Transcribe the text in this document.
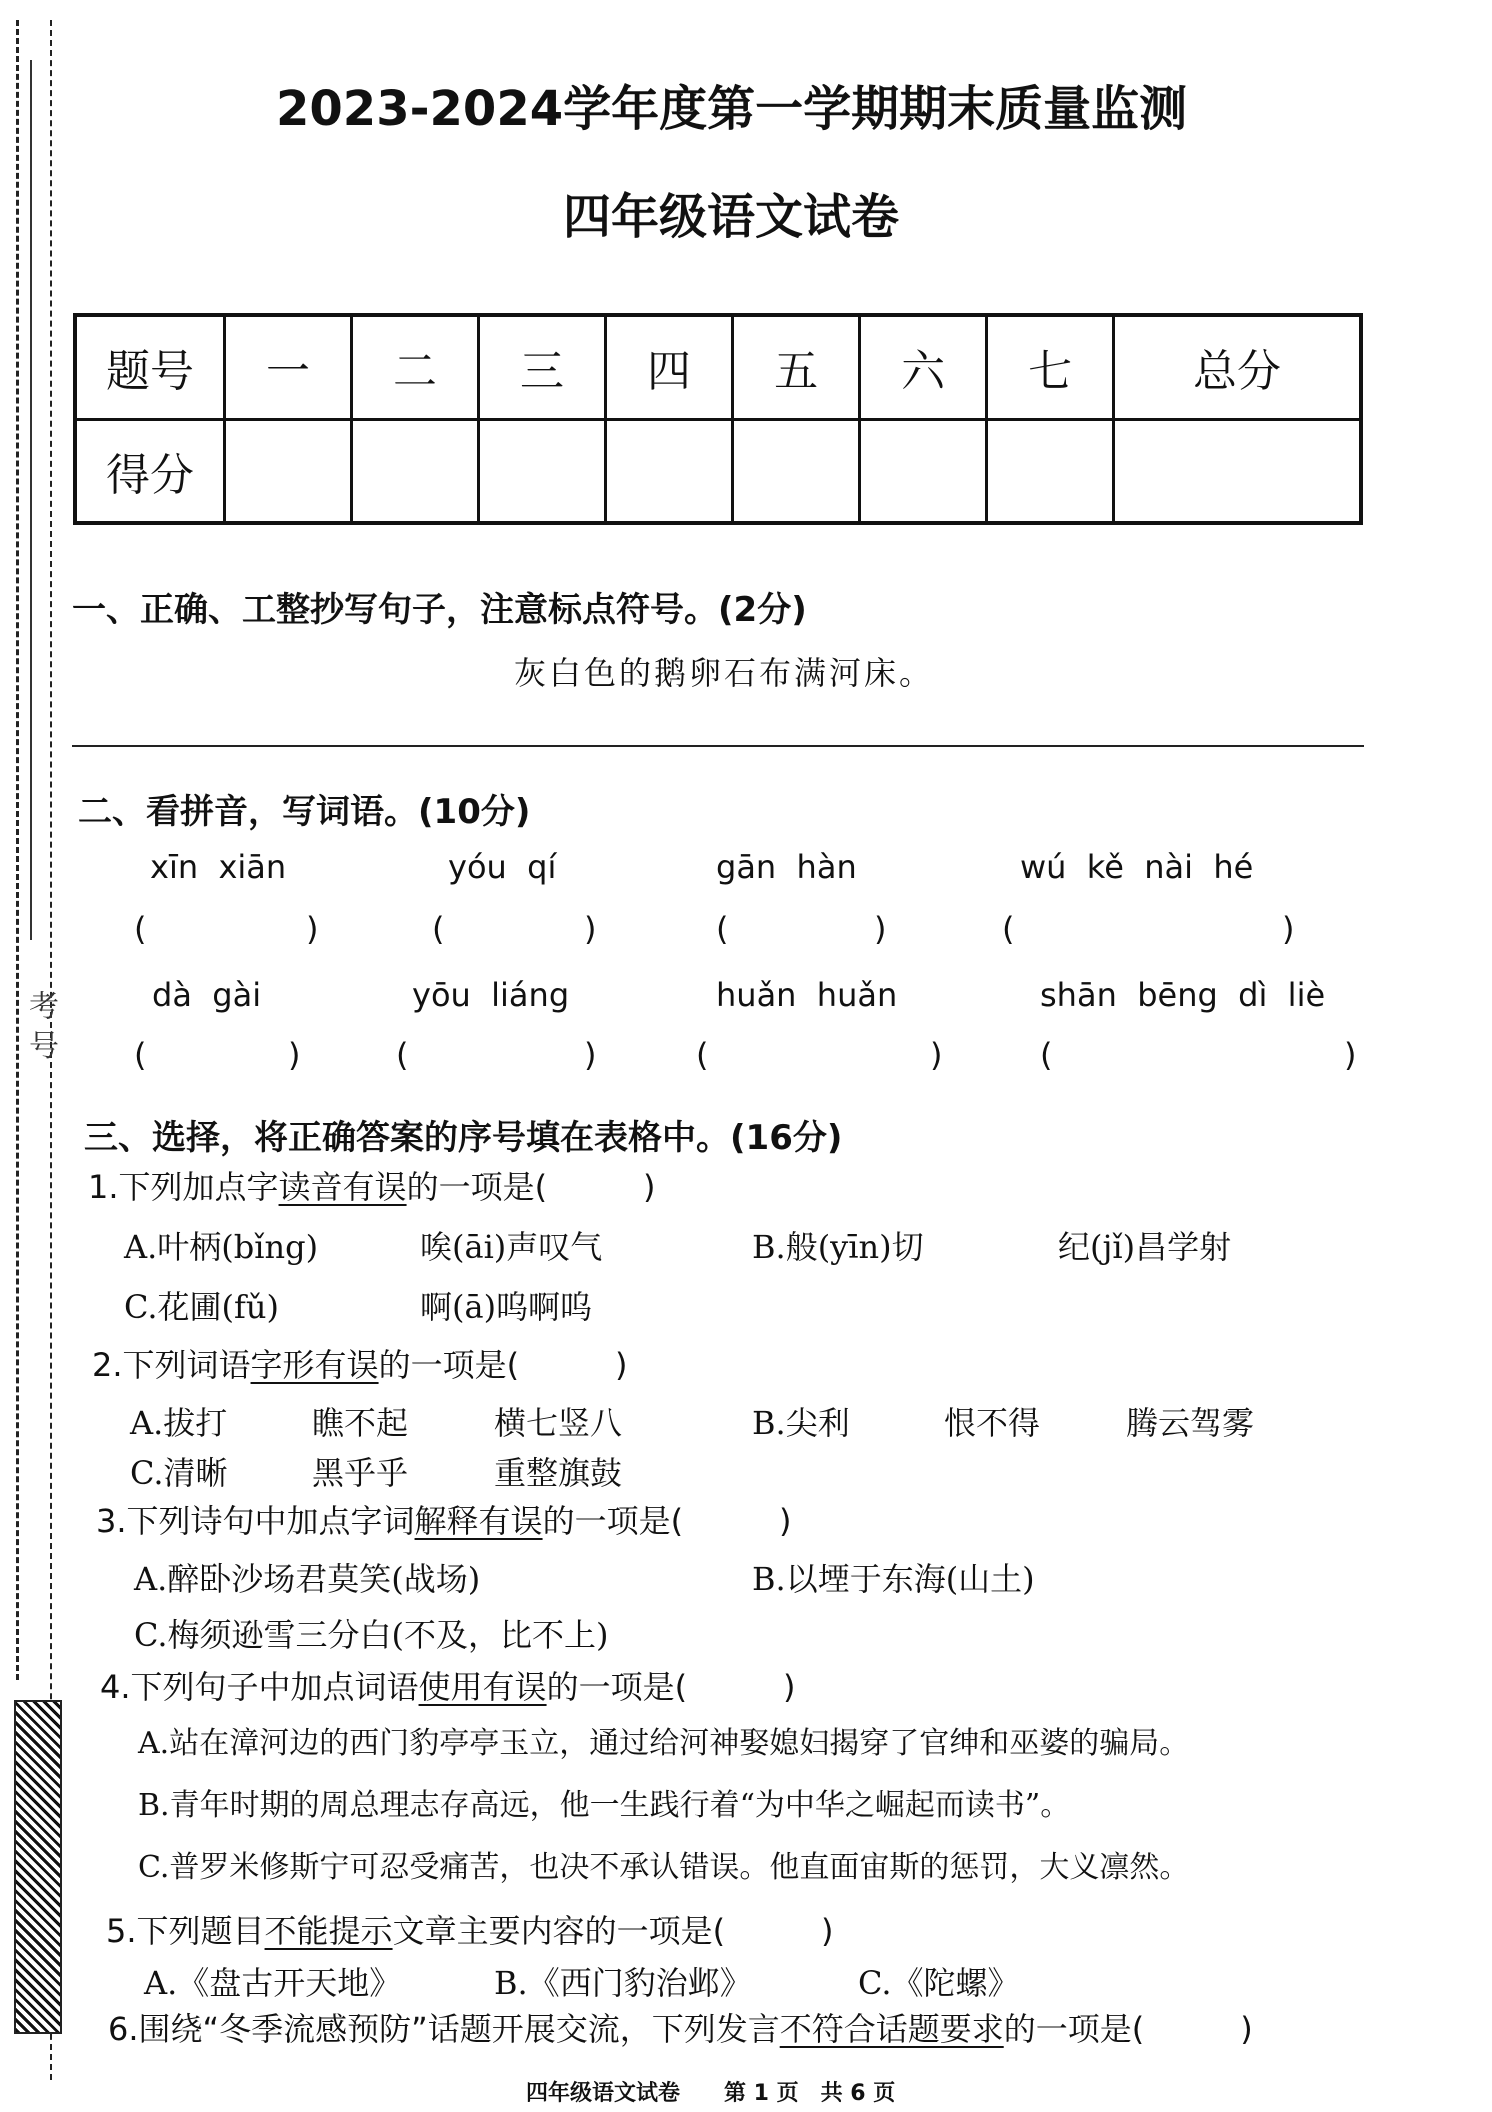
考 号
2023-2024学年度第一学期期末质量监测
四年级语文试卷
题号	一	二	三	四	五	六	七	总分
得分								
一、正确、工整抄写句子，注意标点符号。(2分)
灰白色的鹅卵石布满河床。
二、看拼音，写词语。(10分)
xīn  xiān	yóu  qí	gān  hàn	wú  kě  nài  hé
(	)	(	)	(	)	(	)
dà  gài	yōu  liáng	huǎn  huǎn	shān  bēng  dì  liè
(	)	(	)	(	)	(	)
三、选择，将正确答案的序号填在表格中。(16分)
1.下列加点字读音有误的一项是(　　　)
A.叶柄(bǐng)	唉(āi)声叹气	B.般(yīn)切	纪(jǐ)昌学射
C.花圃(fǔ)	啊(ā)呜啊呜
2.下列词语字形有误的一项是(　　　)
A.拔打	瞧不起	横七竖八	B.尖利	恨不得	腾云驾雾
C.清晰	黑乎乎	重整旗鼓
3.下列诗句中加点字词解释有误的一项是(　　　)
A.醉卧沙场君莫笑(战场)	B.以堙于东海(山土)
C.梅须逊雪三分白(不及，比不上)
4.下列句子中加点词语使用有误的一项是(　　　)
A.站在漳河边的西门豹亭亭玉立，通过给河神娶媳妇揭穿了官绅和巫婆的骗局。
B.青年时期的周总理志存高远，他一生践行着“为中华之崛起而读书”。
C.普罗米修斯宁可忍受痛苦，也决不承认错误。他直面宙斯的惩罚，大义凛然。
5.下列题目不能提示文章主要内容的一项是(　　　)
A.《盘古开天地》	B.《西门豹治邺》	C.《陀螺》
6.围绕“冬季流感预防”话题开展交流，下列发言不符合话题要求的一项是(　　　)
四年级语文试卷　　第 1 页　共 6 页
